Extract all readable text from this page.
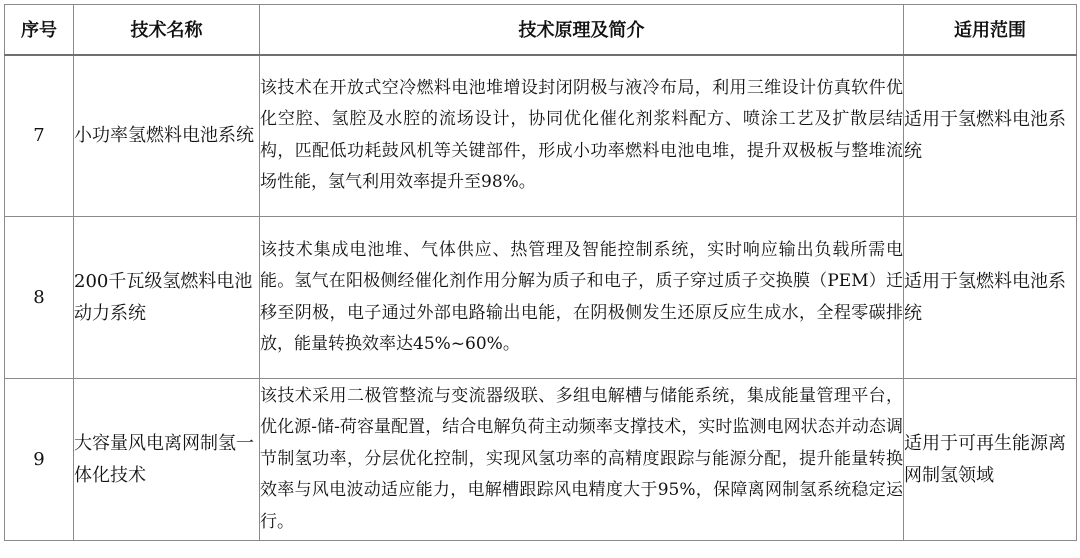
序号	技术名称	技术原理及简介	适用范围
7	小功率氢燃料电池系统	该技术在开放式空冷燃料电池堆增设封闭阴极与液冷布局，利用三维设计仿真软件优化空腔、氢腔及水腔的流场设计，协同优化催化剂浆料配方、喷涂工艺及扩散层结构，匹配低功耗鼓风机等关键部件，形成小功率燃料电池电堆，提升双极板与整堆流场性能，氢气利用效率提升至98%。	适用于氢燃料电池系统
8	200千瓦级氢燃料电池动力系统	该技术集成电池堆、气体供应、热管理及智能控制系统，实时响应输出负载所需电能。氢气在阳极侧经催化剂作用分解为质子和电子，质子穿过质子交换膜（PEM）迁移至阴极，电子通过外部电路输出电能，在阴极侧发生还原反应生成水，全程零碳排放，能量转换效率达45%~60%。	适用于氢燃料电池系统
9	大容量风电离网制氢一体化技术	该技术采用二极管整流与变流器级联、多组电解槽与储能系统，集成能量管理平台，优化源-储-荷容量配置，结合电解负荷主动频率支撑技术，实时监测电网状态并动态调节制氢功率，分层优化控制，实现风氢功率的高精度跟踪与能源分配，提升能量转换效率与风电波动适应能力，电解槽跟踪风电精度大于95%，保障离网制氢系统稳定运行。	适用于可再生能源离网制氢领域
